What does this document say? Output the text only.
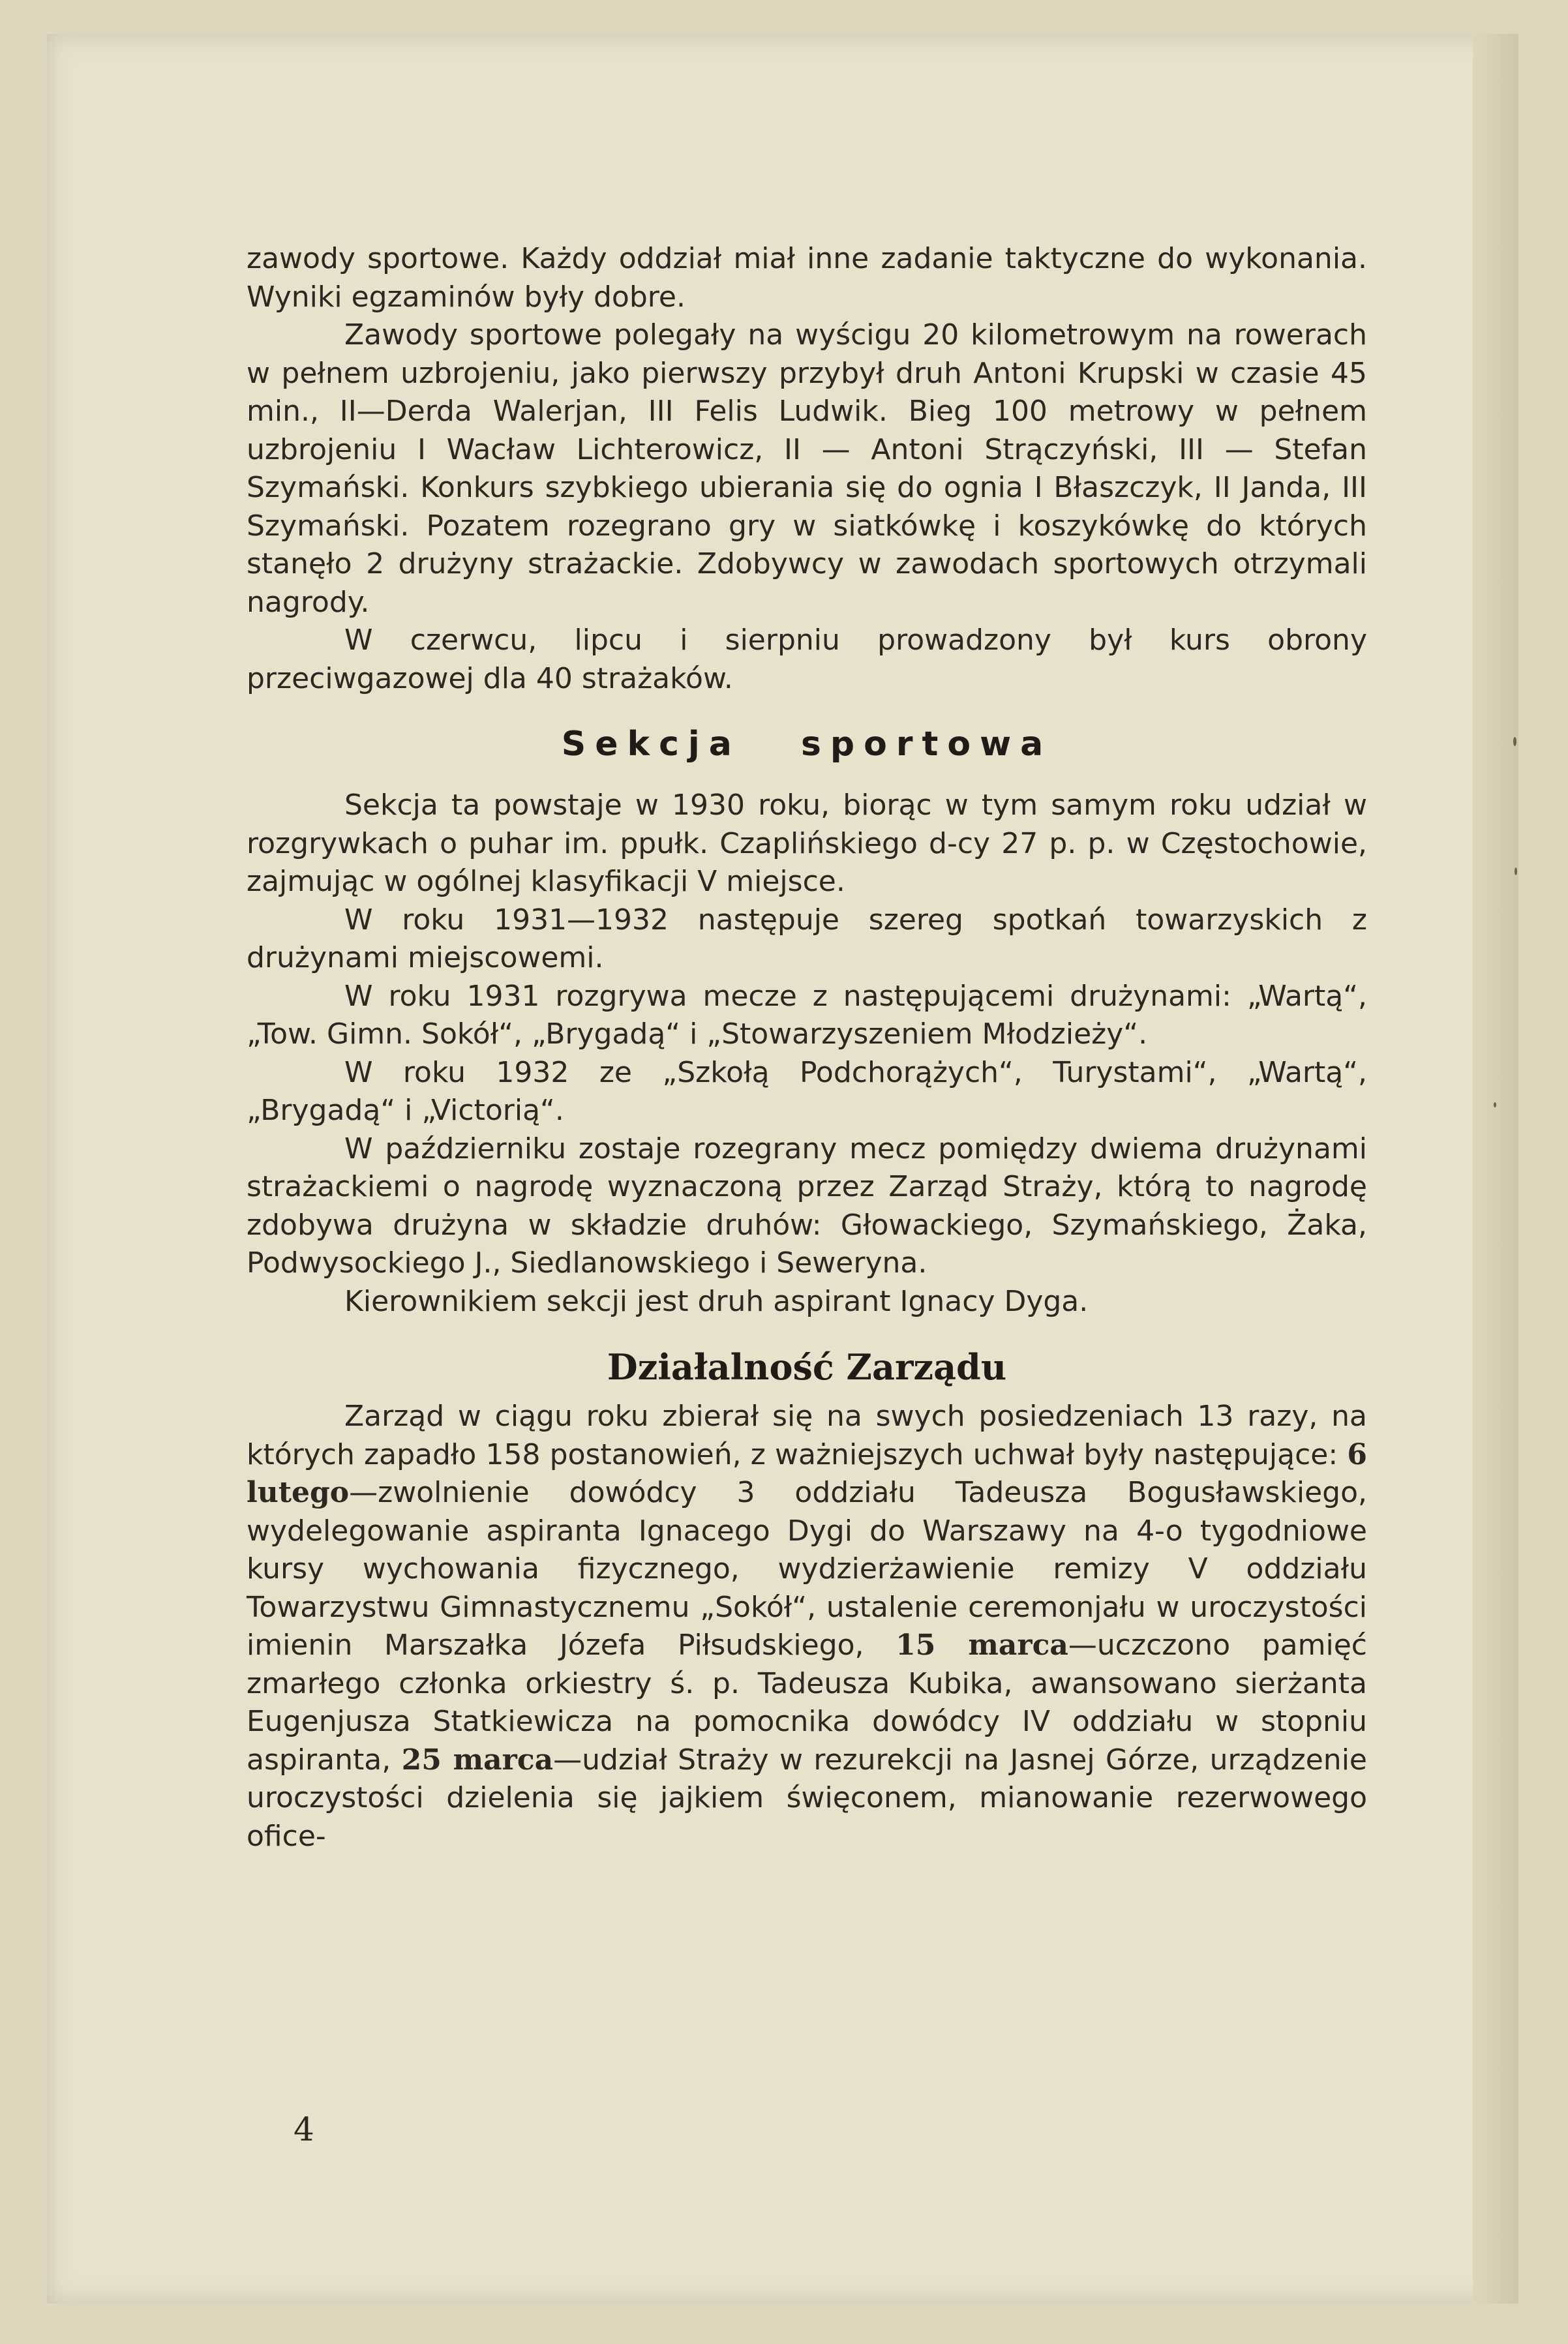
zawody sportowe. Każdy oddział miał inne zadanie taktyczne do wykonania. Wyniki egzaminów były dobre.

Zawody sportowe polegały na wyścigu 20 kilometrowym na rowerach w pełnem uzbrojeniu, jako pierwszy przybył druh Antoni Krupski w czasie 45 min., II—Derda Walerjan, III Felis Ludwik. Bieg 100 metrowy w pełnem uzbrojeniu I Wacław Lichterowicz, II — Antoni Strączyński, III — Stefan Szymański. Konkurs szybkiego ubierania się do ognia I Błaszczyk, II Janda, III Szymański. Pozatem rozegrano gry w siatkówkę i koszykówkę do których stanęło 2 drużyny strażackie. Zdobywcy w zawodach sportowych otrzymali nagrody.

W czerwcu, lipcu i sierpniu prowadzony był kurs obrony przeciwgazowej dla 40 strażaków.

Sekcja sportowa

Sekcja ta powstaje w 1930 roku, biorąc w tym samym roku udział w rozgrywkach o puhar im. ppułk. Czaplińskiego d-cy 27 p. p. w Częstochowie, zajmując w ogólnej klasyfikacji V miejsce.

W roku 1931—1932 następuje szereg spotkań towarzyskich z drużynami miejscowemi.

W roku 1931 rozgrywa mecze z następującemi drużynami: „Wartą“, „Tow. Gimn. Sokół“, „Brygadą“ i „Stowarzyszeniem Młodzieży“.

W roku 1932 ze „Szkołą Podchorążych“, Turystami“, „Wartą“, „Brygadą“ i „Victorią“.

W październiku zostaje rozegrany mecz pomiędzy dwiema drużynami strażackiemi o nagrodę wyznaczoną przez Zarząd Straży, którą to nagrodę zdobywa drużyna w składzie druhów: Głowackiego, Szymańskiego, Żaka, Podwysockiego J., Siedlanowskiego i Seweryna.

Kierownikiem sekcji jest druh aspirant Ignacy Dyga.

Działalność Zarządu

Zarząd w ciągu roku zbierał się na swych posiedzeniach 13 razy, na których zapadło 158 postanowień, z ważniejszych uchwał były następujące: 6 lutego—zwolnienie dowódcy 3 oddziału Tadeusza Bogusławskiego, wydelegowanie aspiranta Ignacego Dygi do Warszawy na 4-o tygodniowe kursy wychowania fizycznego, wydzierżawienie remizy V oddziału Towarzystwu Gimnastycznemu „Sokół“, ustalenie ceremonjału w uroczystości imienin Marszałka Józefa Piłsudskiego, 15 marca—uczczono pamięć zmarłego członka orkiestry ś. p. Tadeusza Kubika, awansowano sierżanta Eugenjusza Statkiewicza na pomocnika dowódcy IV oddziału w stopniu aspiranta, 25 marca—udział Straży w rezurekcji na Jasnej Górze, urządzenie uroczystości dzielenia się jajkiem święconem, mianowanie rezerwowego ofice-

4
